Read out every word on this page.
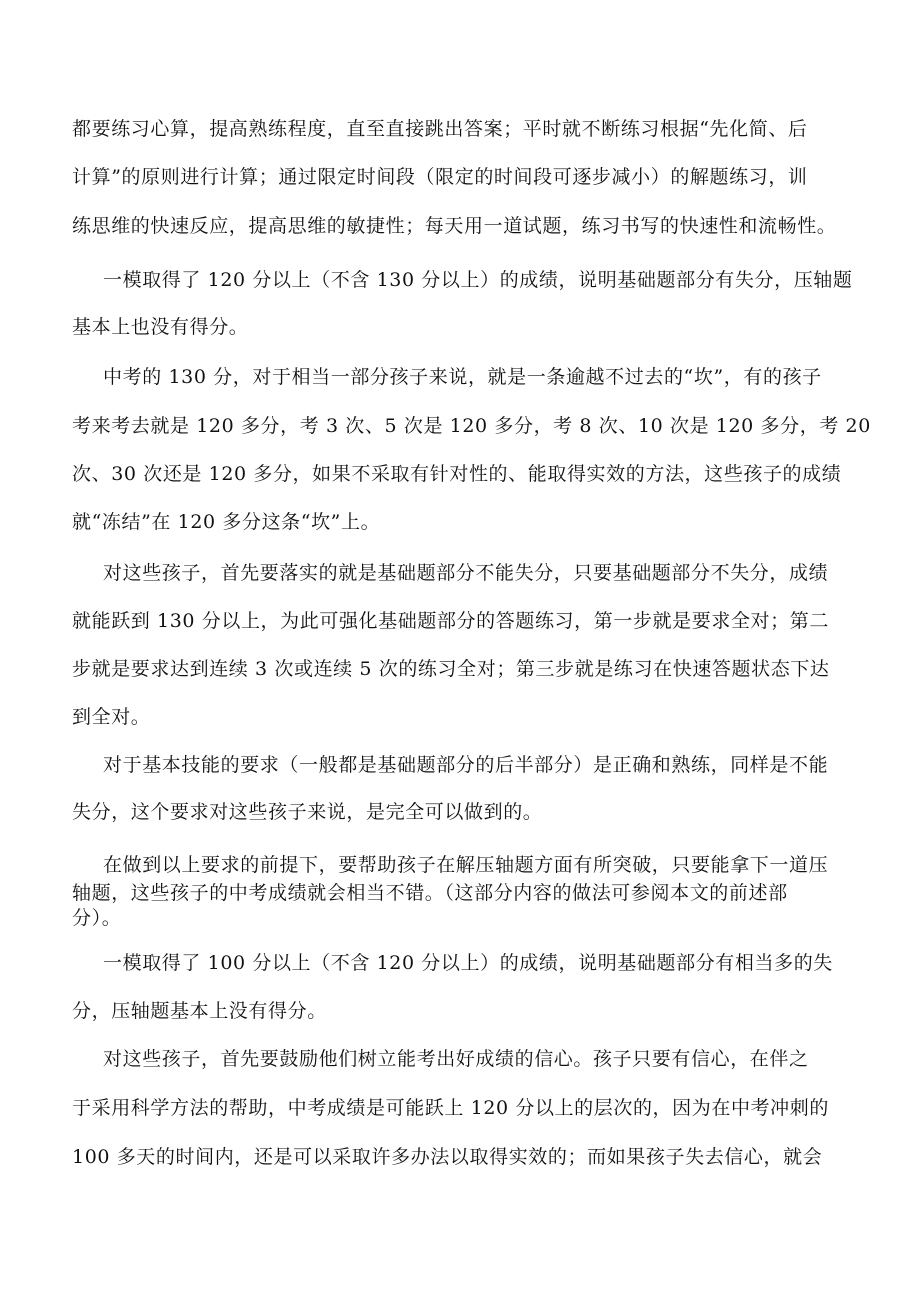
都要练习心算，提高熟练程度，直至直接跳出答案；平时就不断练习根据“先化简、后

计算”的原则进行计算；通过限定时间段（限定的时间段可逐步减小）的解题练习，训

练思维的快速反应，提高思维的敏捷性；每天用一道试题，练习书写的快速性和流畅性。

一模取得了 120 分以上（不含 130 分以上）的成绩，说明基础题部分有失分，压轴题

基本上也没有得分。

中考的 130 分，对于相当一部分孩子来说，就是一条逾越不过去的“坎”，有的孩子

考来考去就是 120 多分，考 3 次、5 次是 120 多分，考 8 次、10 次是 120 多分，考 20

次、30 次还是 120 多分，如果不采取有针对性的、能取得实效的方法，这些孩子的成绩

就“冻结”在 120 多分这条“坎”上。

对这些孩子，首先要落实的就是基础题部分不能失分，只要基础题部分不失分，成绩

就能跃到 130 分以上，为此可强化基础题部分的答题练习，第一步就是要求全对；第二

步就是要求达到连续 3 次或连续 5 次的练习全对；第三步就是练习在快速答题状态下达

到全对。

对于基本技能的要求（一般都是基础题部分的后半部分）是正确和熟练，同样是不能

失分，这个要求对这些孩子来说，是完全可以做到的。

在做到以上要求的前提下，要帮助孩子在解压轴题方面有所突破，只要能拿下一道压

轴题，这些孩子的中考成绩就会相当不错。（这部分内容的做法可参阅本文的前述部

分）。

一模取得了 100 分以上（不含 120 分以上）的成绩，说明基础题部分有相当多的失

分，压轴题基本上没有得分。

对这些孩子，首先要鼓励他们树立能考出好成绩的信心。孩子只要有信心，在伴之

于采用科学方法的帮助，中考成绩是可能跃上 120 分以上的层次的，因为在中考冲刺的

100 多天的时间内，还是可以采取许多办法以取得实效的；而如果孩子失去信心，就会
